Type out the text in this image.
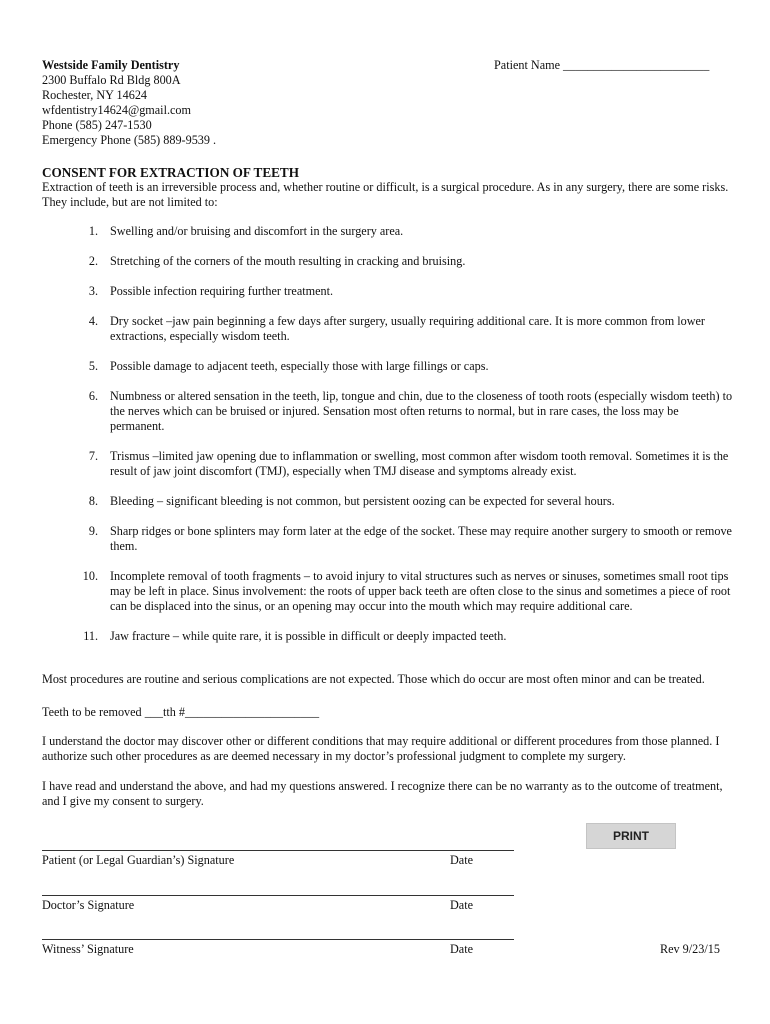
Westside Family Dentistry
2300 Buffalo Rd Bldg 800A
Rochester, NY 14624
wfdentistry14624@gmail.com
Phone (585) 247-1530
Emergency Phone (585) 889-9539 .
Patient Name ________________________
CONSENT FOR EXTRACTION OF TEETH
Extraction of teeth is an irreversible process and, whether routine or difficult, is a surgical procedure. As in any surgery, there are some risks. They include, but are not limited to:
1. Swelling and/or bruising and discomfort in the surgery area.
2. Stretching of the corners of the mouth resulting in cracking and bruising.
3. Possible infection requiring further treatment.
4. Dry socket –jaw pain beginning a few days after surgery, usually requiring additional care. It is more common from lower extractions, especially wisdom teeth.
5. Possible damage to adjacent teeth, especially those with large fillings or caps.
6. Numbness or altered sensation in the teeth, lip, tongue and chin, due to the closeness of tooth roots (especially wisdom teeth) to the nerves which can be bruised or injured. Sensation most often returns to normal, but in rare cases, the loss may be permanent.
7. Trismus –limited jaw opening due to inflammation or swelling, most common after wisdom tooth removal. Sometimes it is the result of jaw joint discomfort (TMJ), especially when TMJ disease and symptoms already exist.
8. Bleeding – significant bleeding is not common, but persistent oozing can be expected for several hours.
9. Sharp ridges or bone splinters may form later at the edge of the socket. These may require another surgery to smooth or remove them.
10. Incomplete removal of tooth fragments – to avoid injury to vital structures such as nerves or sinuses, sometimes small root tips may be left in place. Sinus involvement: the roots of upper back teeth are often close to the sinus and sometimes a piece of root can be displaced into the sinus, or an opening may occur into the mouth which may require additional care.
11. Jaw fracture – while quite rare, it is possible in difficult or deeply impacted teeth.
Most procedures are routine and serious complications are not expected. Those which do occur are most often minor and can be treated.
Teeth to be removed ___tth #______________________
I understand the doctor may discover other or different conditions that may require additional or different procedures from those planned. I authorize such other procedures as are deemed necessary in my doctor’s professional judgment to complete my surgery.
I have read and understand the above, and had my questions answered. I recognize there can be no warranty as to the outcome of treatment, and I give my consent to surgery.
PRINT
Patient (or Legal Guardian’s) Signature	Date
Doctor’s Signature	Date
Witness’ Signature	Date	Rev 9/23/15
